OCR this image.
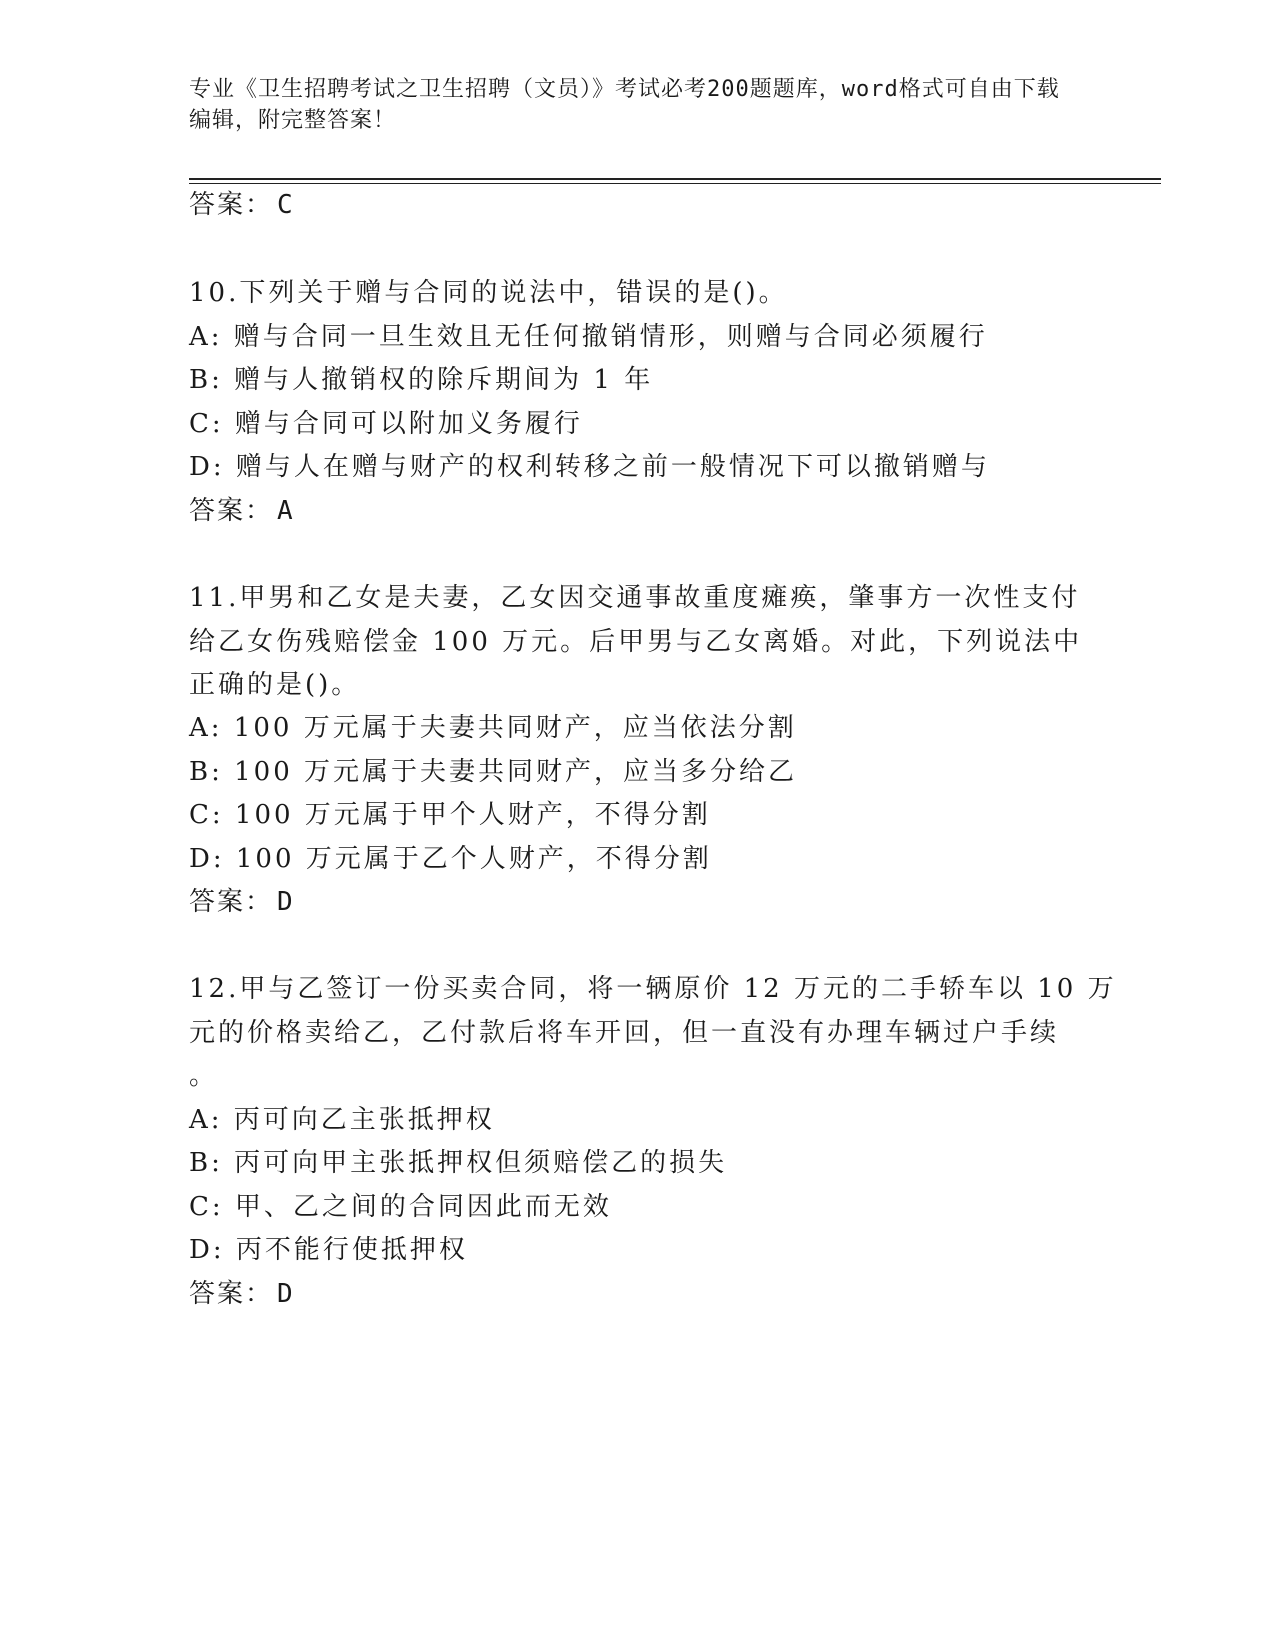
专业《卫生招聘考试之卫生招聘（文员）》考试必考200题题库，word格式可自由下载编辑，附完整答案！
答案： C
10.下列关于赠与合同的说法中，错误的是()。
A: 赠与合同一旦生效且无任何撤销情形，则赠与合同必须履行
B: 赠与人撤销权的除斥期间为 1 年
C: 赠与合同可以附加义务履行
D: 赠与人在赠与财产的权利转移之前一般情况下可以撤销赠与
答案： A
11.甲男和乙女是夫妻，乙女因交通事故重度瘫痪，肇事方一次性支付
给乙女伤残赔偿金 100 万元。后甲男与乙女离婚。对此，下列说法中
正确的是()。
A: 100 万元属于夫妻共同财产，应当依法分割
B: 100 万元属于夫妻共同财产，应当多分给乙
C: 100 万元属于甲个人财产，不得分割
D: 100 万元属于乙个人财产，不得分割
答案： D
12.甲与乙签订一份买卖合同，将一辆原价 12 万元的二手轿车以 10 万
元的价格卖给乙，乙付款后将车开回，但一直没有办理车辆过户手续
。
A: 丙可向乙主张抵押权
B: 丙可向甲主张抵押权但须赔偿乙的损失
C: 甲、乙之间的合同因此而无效
D: 丙不能行使抵押权
答案： D
